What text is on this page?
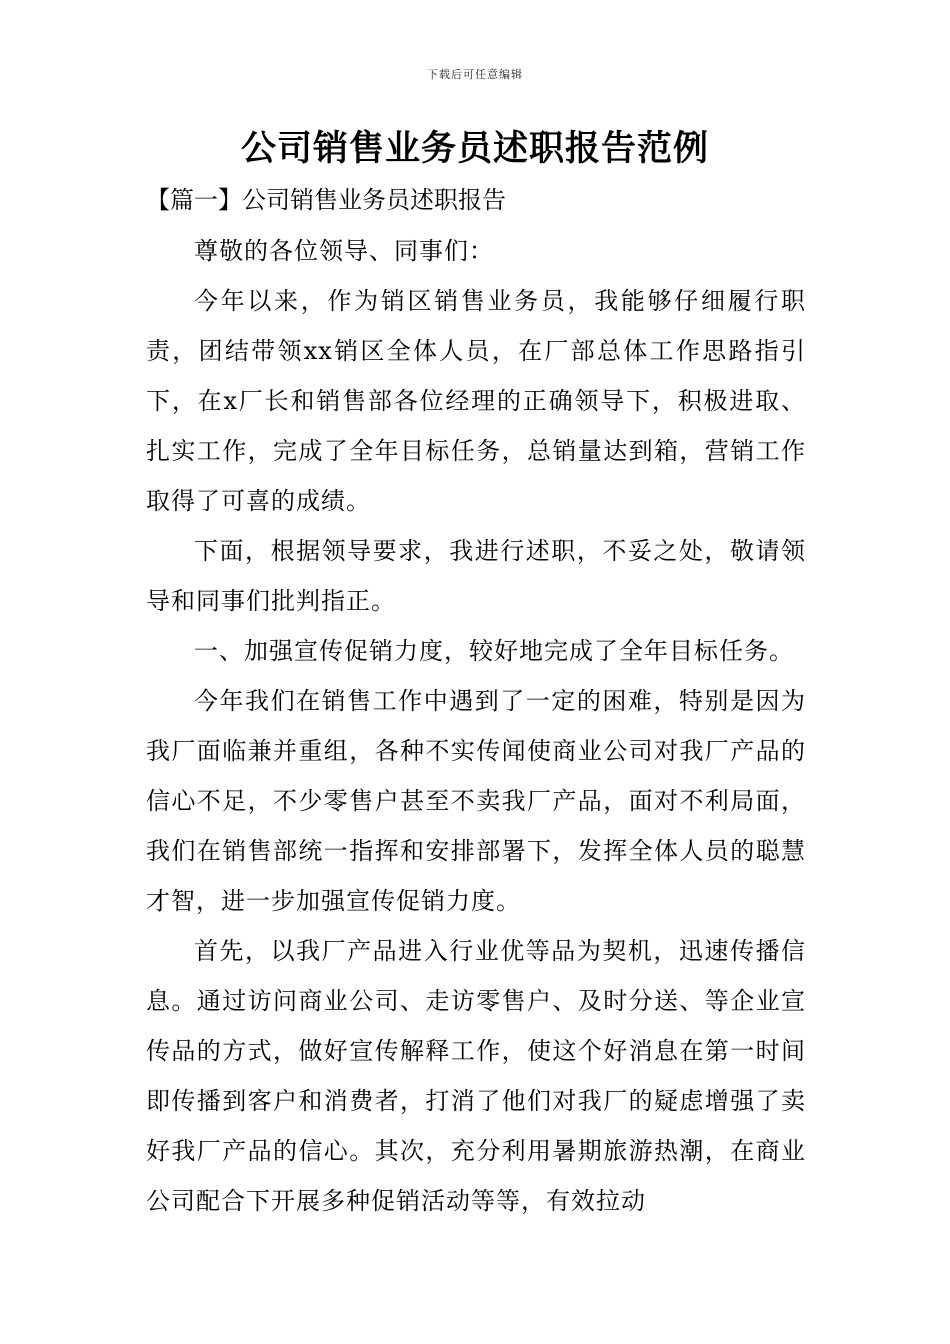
下载后可任意编辑
公司销售业务员述职报告范例
【篇一】公司销售业务员述职报告

尊敬的各位领导、同事们：

今年以来，作为销区销售业务员，我能够仔细履行职责，团结带领xx销区全体人员，在厂部总体工作思路指引下，在x厂长和销售部各位经理的正确领导下，积极进取、扎实工作，完成了全年目标任务，总销量达到箱，营销工作取得了可喜的成绩。

下面，根据领导要求，我进行述职，不妥之处，敬请领导和同事们批判指正。

一、加强宣传促销力度，较好地完成了全年目标任务。

今年我们在销售工作中遇到了一定的困难，特别是因为我厂面临兼并重组，各种不实传闻使商业公司对我厂产品的信心不足，不少零售户甚至不卖我厂产品，面对不利局面，我们在销售部统一指挥和安排部署下，发挥全体人员的聪慧才智，进一步加强宣传促销力度。

首先，以我厂产品进入行业优等品为契机，迅速传播信息。通过访问商业公司、走访零售户、及时分送、等企业宣传品的方式，做好宣传解释工作，使这个好消息在第一时间即传播到客户和消费者，打消了他们对我厂的疑虑增强了卖好我厂产品的信心。其次，充分利用暑期旅游热潮，在商业公司配合下开展多种促销活动等等，有效拉动
